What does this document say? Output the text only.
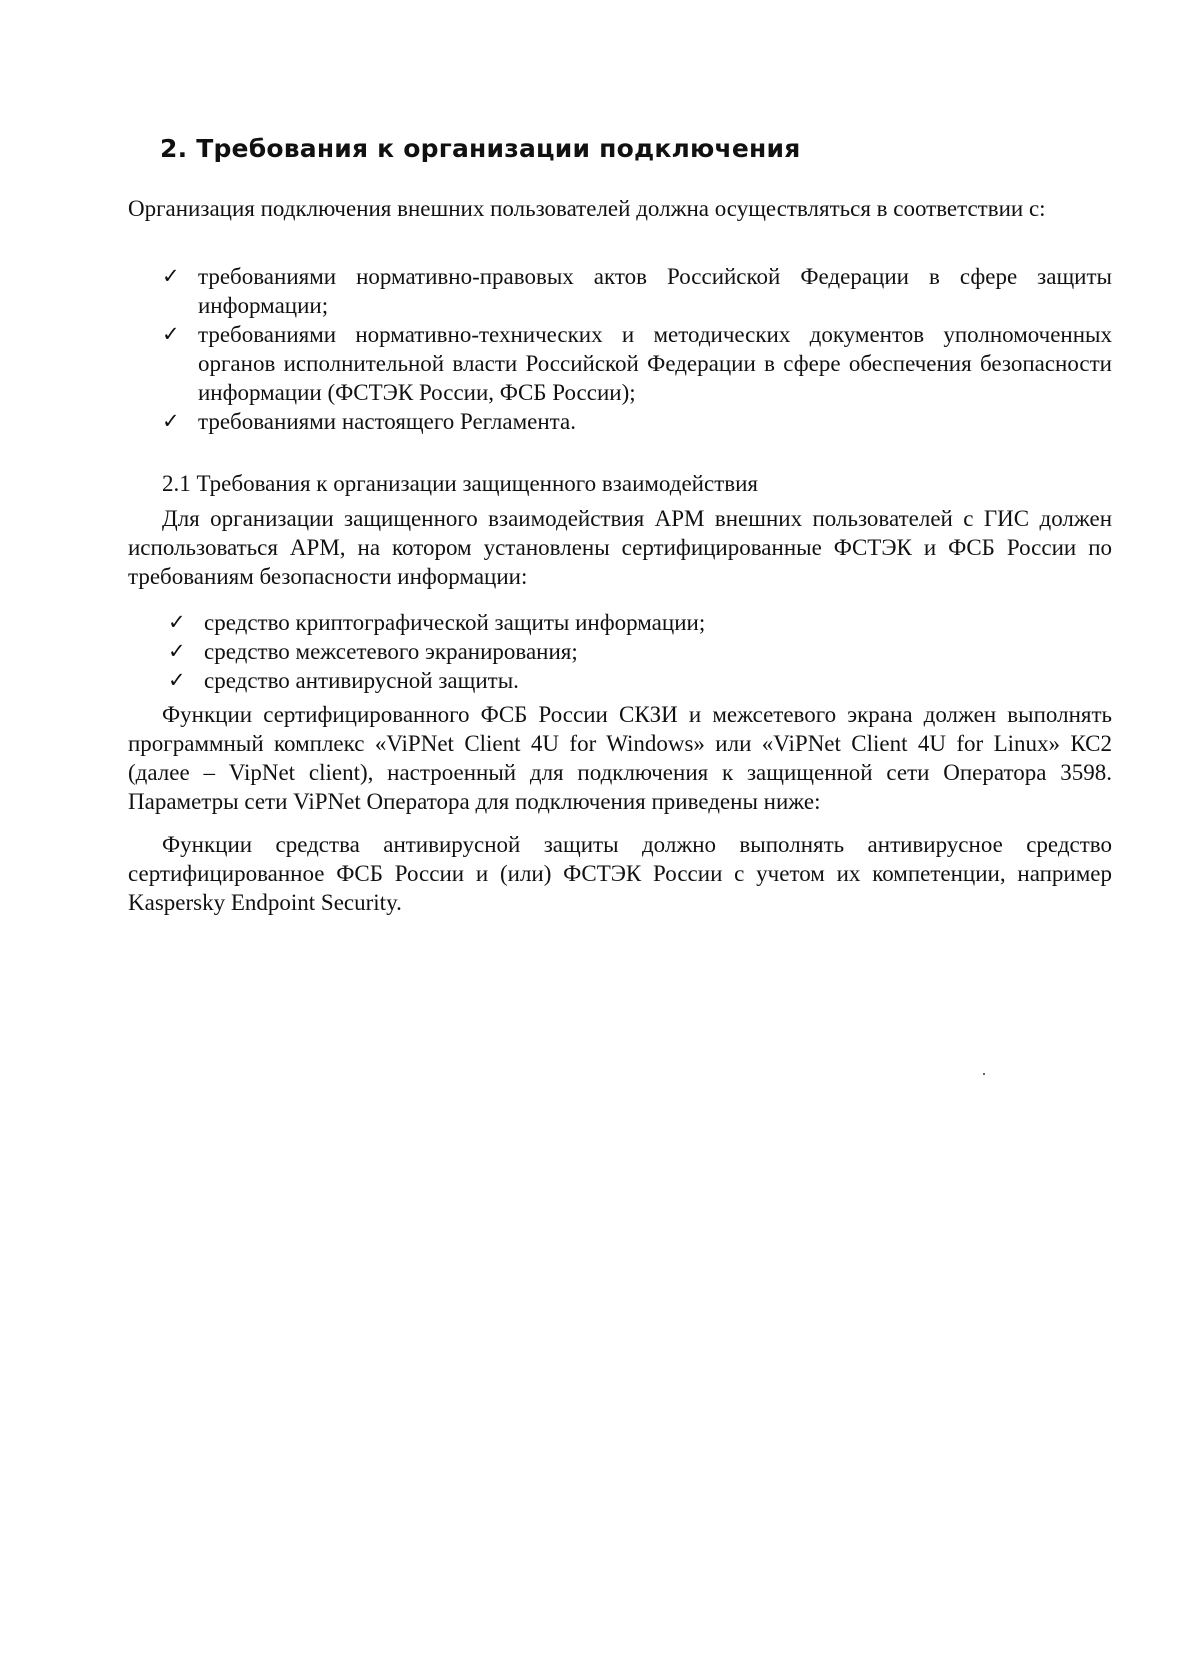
2. Требования к организации подключения

Организация подключения внешних пользователей должна осуществляться в соответствии с:

✓ требованиями нормативно-правовых актов Российской Федерации в сфере защиты информации;
✓ требованиями нормативно-технических и методических документов уполномоченных органов исполнительной власти Российской Федерации в сфере обеспечения безопасности информации (ФСТЭК России, ФСБ России);
✓ требованиями настоящего Регламента.
2.1 Требования к организации защищенного взаимодействия

Для организации защищенного взаимодействия АРМ внешних пользователей с ГИС должен использоваться АРМ, на котором установлены сертифицированные ФСТЭК и ФСБ России по требованиям безопасности информации:

✓ средство криптографической защиты информации;
✓ средство межсетевого экранирования;
✓ средство антивирусной защиты.

Функции сертифицированного ФСБ России СКЗИ и межсетевого экрана должен выполнять программный комплекс «ViPNet Client 4U for Windows» или «ViPNet Client 4U for Linux» КС2 (далее – VipNet client), настроенный для подключения к защищенной сети Оператора 3598. Параметры сети ViPNet Оператора для подключения приведены ниже:

Функции средства антивирусной защиты должно выполнять антивирусное средство сертифицированное ФСБ России и (или) ФСТЭК России с учетом их компетенции, например Kaspersky Endpoint Security.
